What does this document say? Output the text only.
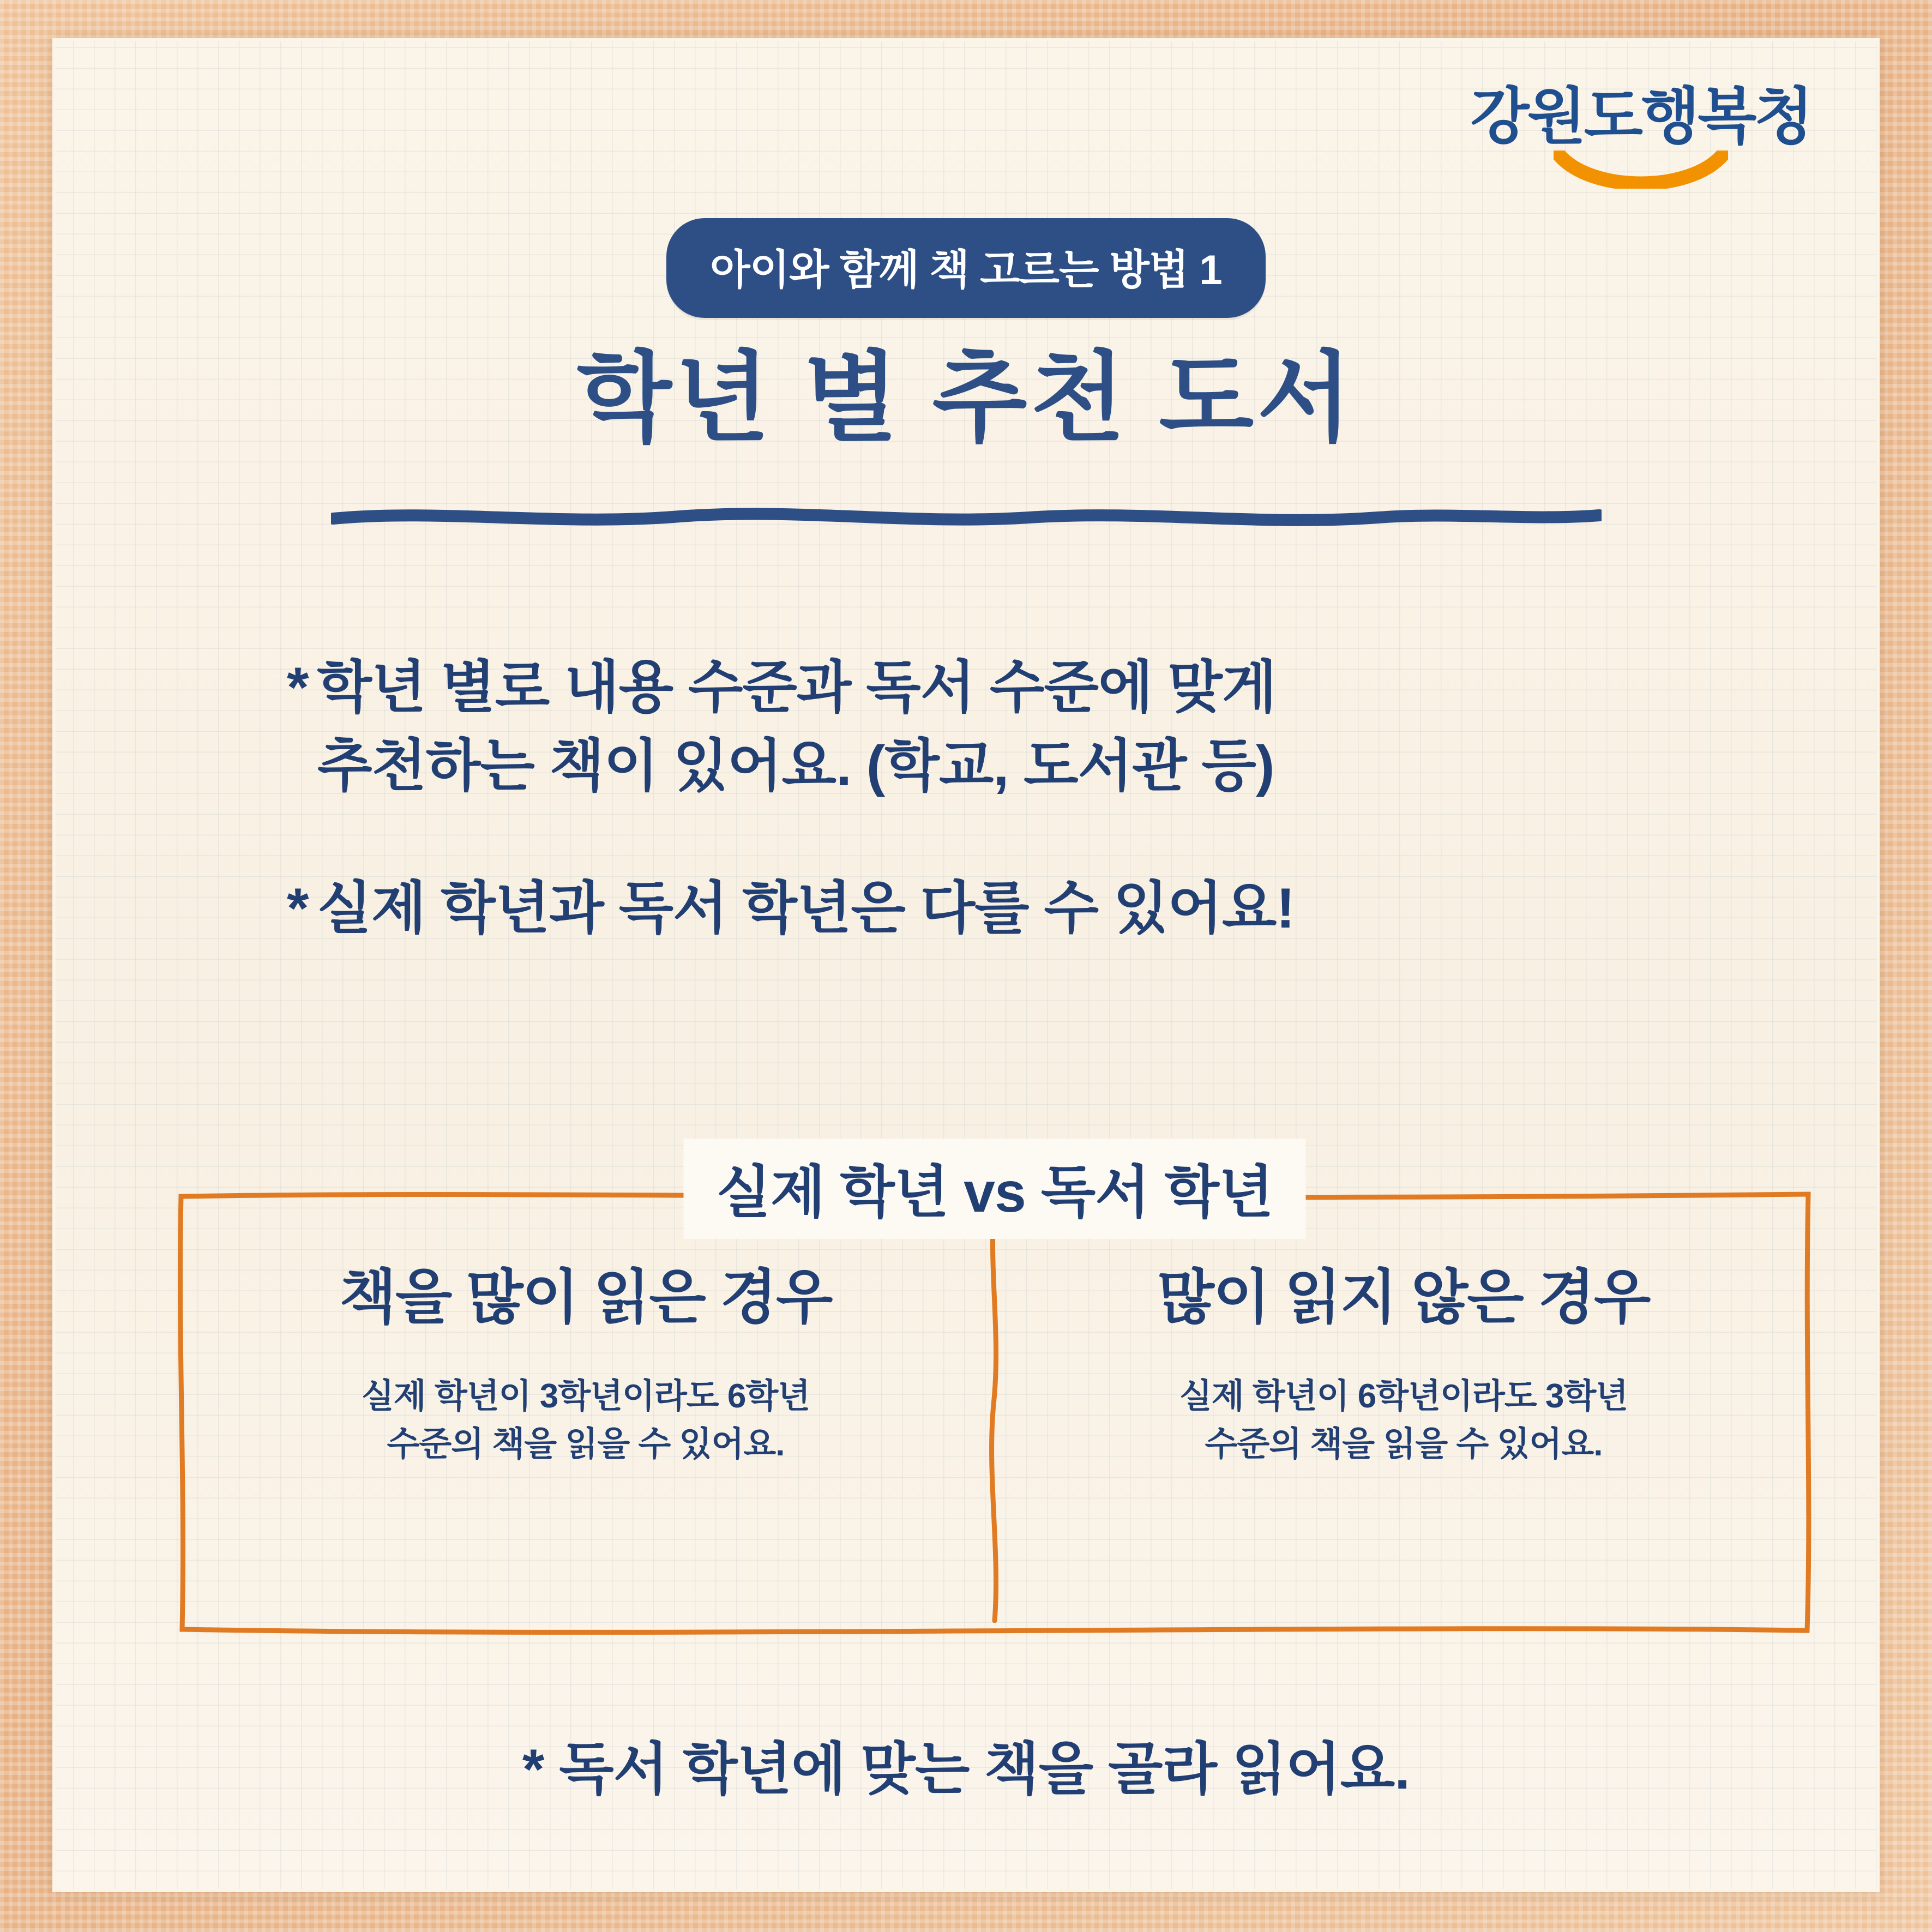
강원도행복청
아이와 함께 책 고르는 방법 1
학년 별 추천 도서
* 학년 별로 내용 수준과 독서 수준에 맞게
추천하는 책이 있어요. (학교, 도서관 등)
* 실제 학년과 독서 학년은 다를 수 있어요!
책을 많이 읽은 경우

실제 학년이 3학년이라도 6학년
수준의 책을 읽을 수 있어요.

많이 읽지 않은 경우

실제 학년이 6학년이라도 3학년
수준의 책을 읽을 수 있어요.

실제 학년 vs 독서 학년
* 독서 학년에 맞는 책을 골라 읽어요.
